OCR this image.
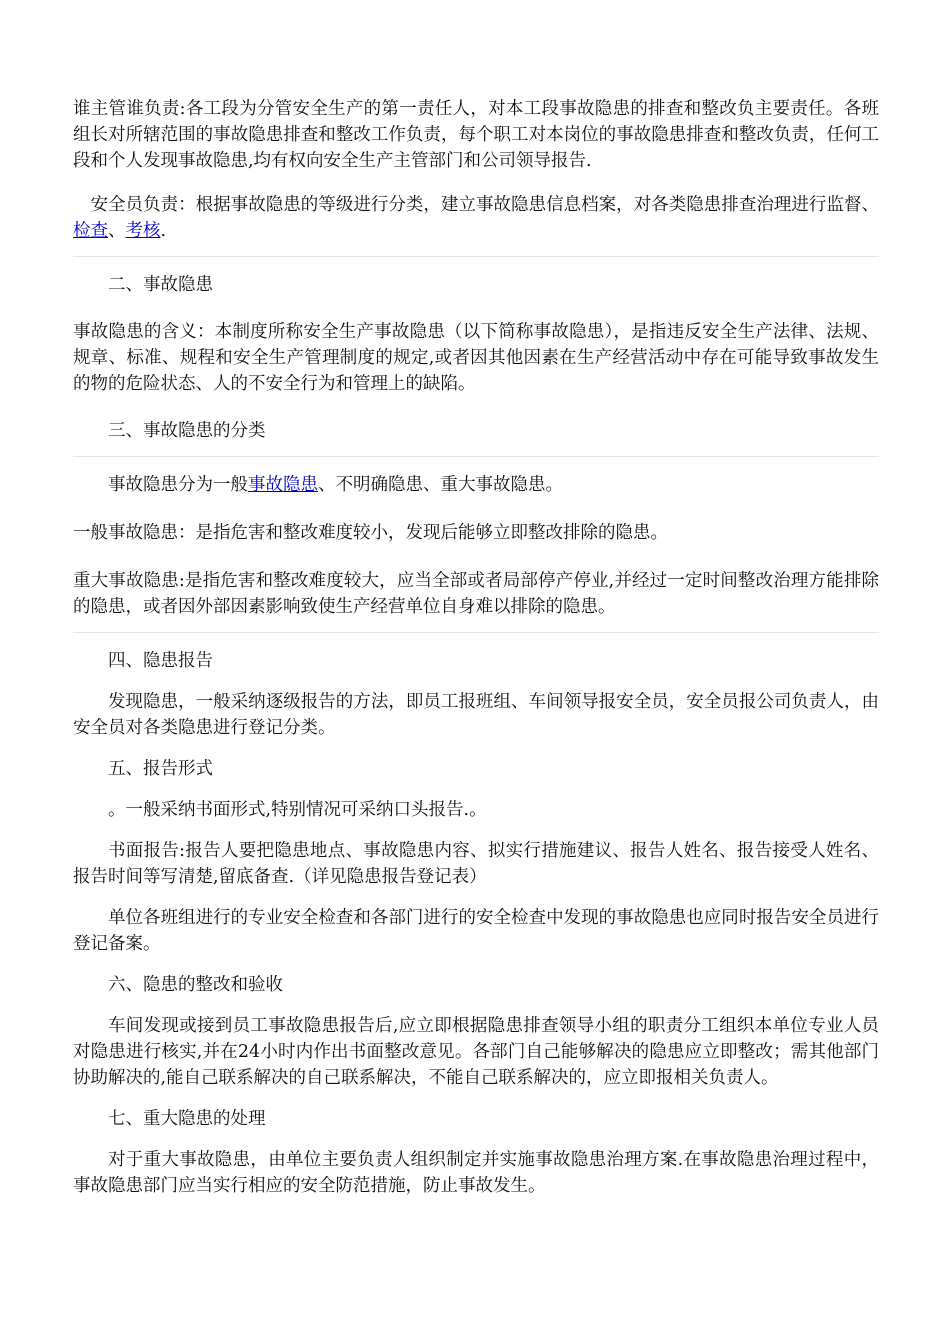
谁主管谁负责:各工段为分管安全生产的第一责任人，对本工段事故隐患的排查和整改负主要责任。各班组长对所辖范围的事故隐患排查和整改工作负责，每个职工对本岗位的事故隐患排查和整改负责，任何工段和个人发现事故隐患,均有权向安全生产主管部门和公司领导报告.

安全员负责：根据事故隐患的等级进行分类，建立事故隐患信息档案，对各类隐患排查治理进行监督、检查、考核.

二、事故隐患

事故隐患的含义：本制度所称安全生产事故隐患（以下简称事故隐患），是指违反安全生产法律、法规、规章、标准、规程和安全生产管理制度的规定,或者因其他因素在生产经营活动中存在可能导致事故发生的物的危险状态、人的不安全行为和管理上的缺陷。

三、事故隐患的分类

事故隐患分为一般事故隐患、不明确隐患、重大事故隐患。

一般事故隐患：是指危害和整改难度较小，发现后能够立即整改排除的隐患。

重大事故隐患:是指危害和整改难度较大，应当全部或者局部停产停业,并经过一定时间整改治理方能排除的隐患，或者因外部因素影响致使生产经营单位自身难以排除的隐患。

四、隐患报告

发现隐患，一般采纳逐级报告的方法，即员工报班组、车间领导报安全员，安全员报公司负责人，由安全员对各类隐患进行登记分类。

五、报告形式

。一般采纳书面形式,特别情况可采纳口头报告.。

书面报告:报告人要把隐患地点、事故隐患内容、拟实行措施建议、报告人姓名、报告接受人姓名、报告时间等写清楚,留底备查.（详见隐患报告登记表）

单位各班组进行的专业安全检查和各部门进行的安全检查中发现的事故隐患也应同时报告安全员进行登记备案。

六、隐患的整改和验收

车间发现或接到员工事故隐患报告后,应立即根据隐患排查领导小组的职责分工组织本单位专业人员对隐患进行核实,并在24小时内作出书面整改意见。各部门自己能够解决的隐患应立即整改；需其他部门协助解决的,能自己联系解决的自己联系解决，不能自己联系解决的，应立即报相关负责人。

七、重大隐患的处理

对于重大事故隐患，由单位主要负责人组织制定并实施事故隐患治理方案.在事故隐患治理过程中，事故隐患部门应当实行相应的安全防范措施，防止事故发生。
